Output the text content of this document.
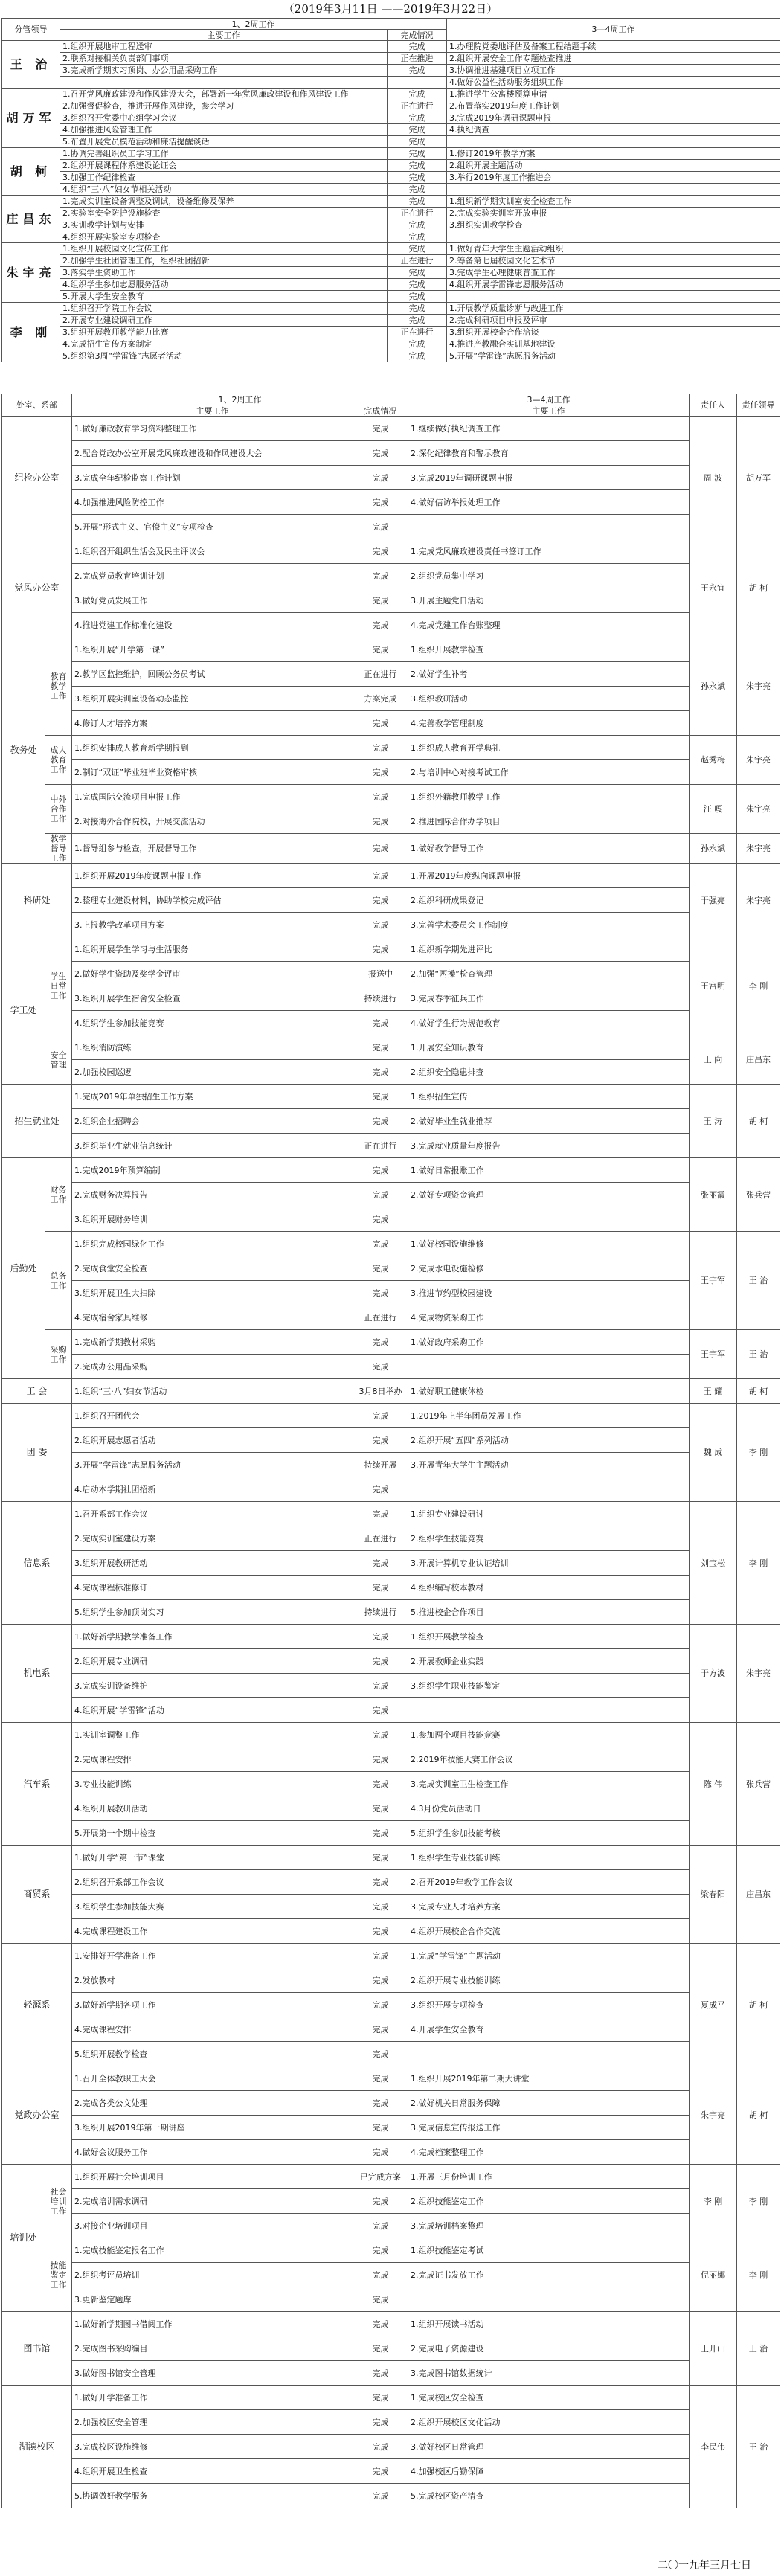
（2019年3月11日 ——2019年3月22日）
分管领导	1、2周工作		3—4周工作
	主要工作	完成情况	
王 治	1.组织开展地审工程送审	完成	1.办理院党委地评估及备案工程结题手续
	2.联系对接相关负责部门事项	正在推进	2.组织开展安全工作专题检查推进
	3.完成新学期实习顶岗、办公用品采购工作	完成	3.协调推进基建项目立项工作
			4.做好公益性活动服务组织工作
胡万军	1.召开党风廉政建设和作风建设大会，部署新一年党风廉政建设和作风建设工作	完成	1.推进学生公寓楼预算申请
	2.加强督促检查，推进开展作风建设，参会学习	正在进行	2.布置落实2019年度工作计划
	3.组织召开党委中心组学习会议	完成	3.完成2019年调研课题申报
	4.加强推进风险管理工作	完成	4.执纪调查
	5.布置开展党员模范活动和廉洁提醒谈话	完成	
胡 柯	1.协调完善组织员工学习工作	完成	1.修订2019年教学方案
	2.组织开展课程体系建设论证会	完成	2.组织开展主题活动
	3.加强工作纪律检查	完成	3.举行2019年度工作推进会
	4.组织“三·八”妇女节相关活动	完成	
庄昌东	1.完成实训室设备调整及调试，设备维修及保养	完成	1.组织新学期实训室安全检查工作
	2.实验室安全防护设施检查	正在进行	2.完成实验实训室开放申报
	3.实训教学计划与安排	完成	3.组织实训教学检查
	4.组织开展实验室专项检查	完成	
朱宇亮	1.组织开展校园文化宣传工作	完成	1.做好青年大学生主题活动组织
	2.加强学生社团管理工作，组织社团招新	正在进行	2.筹备第七届校园文化艺术节
	3.落实学生资助工作	完成	3.完成学生心理健康普查工作
	4.组织学生参加志愿服务活动	完成	4.组织开展学雷锋志愿服务活动
	5.开展大学生安全教育	完成	
李 刚	1.组织召开学院工作会议	完成	1.开展教学质量诊断与改进工作
	2.开展专业建设调研工作	完成	2.完成科研项目申报及评审
	3.组织开展教师教学能力比赛	正在进行	3.组织开展校企合作洽谈
	4.完成招生宣传方案制定	完成	4.推进产教融合实训基地建设
	5.组织第3周“学雷锋”志愿者活动	完成	5.开展“学雷锋”志愿服务活动
处室、系部		1、2周工作		3—4周工作	责任人	责任领导
		主要工作	完成情况	主要工作		
纪检办公室		1.做好廉政教育学习资料整理工作	完成	1.继续做好执纪调查工作	周 波	胡万军
		2.配合党政办公室开展党风廉政建设和作风建设大会	完成	2.深化纪律教育和警示教育		
		3.完成全年纪检监察工作计划	完成	3.完成2019年调研课题申报		
		4.加强推进风险防控工作	完成	4.做好信访举报处理工作		
		5.开展“形式主义、官僚主义”专项检查	完成			
党风办公室		1.组织召开组织生活会及民主评议会	完成	1.完成党风廉政建设责任书签订工作	王永宜	胡 柯
		2.完成党员教育培训计划	完成	2.组织党员集中学习		
		3.做好党员发展工作	完成	3.开展主题党日活动		
		4.推进党建工作标准化建设	完成	4.完成党建工作台账整理		
教务处	教育教学工作	1.组织开展“开学第一课”	完成	1.组织开展教学检查	孙永斌	朱宇亮
		2.教学区监控维护，回顾公务员考试	正在进行	2.做好学生补考		
		3.组织开展实训室设备动态监控	方案完成	3.组织教研活动		
		4.修订人才培养方案	完成	4.完善教学管理制度		
	成人教育工作	1.组织安排成人教育新学期报到	完成	1.组织成人教育开学典礼	赵秀梅	朱宇亮
		2.制订“双证”毕业班毕业资格审核	完成	2.与培训中心对接考试工作		
	中外合作工作	1.完成国际交流项目申报工作	完成	1.组织外籍教师教学工作	汪 嘎	朱宇亮
		2.对接海外合作院校，开展交流活动	完成	2.推进国际合作办学项目		
	教学督导工作	1.督导组参与检查，开展督导工作	完成	1.做好教学督导工作	孙永斌	朱宇亮
科研处		1.组织开展2019年度课题申报工作	完成	1.开展2019年度纵向课题申报	于强亮	朱宇亮
		2.整理专业建设材料，协助学校完成评估	完成	2.组织科研成果登记		
		3.上报教学改革项目方案	完成	3.完善学术委员会工作制度		
学工处	学生日常工作	1.组织开展学生学习与生活服务	完成	1.组织新学期先进评比	王宫明	李 刚
		2.做好学生资助及奖学金评审	报送中	2.加强“两操”检查管理		
		3.组织开展学生宿舍安全检查	持续进行	3.完成春季征兵工作		
		4.组织学生参加技能竞赛	完成	4.做好学生行为规范教育		
	安全管理	1.组织消防演练	完成	1.开展安全知识教育	王 向	庄昌东
		2.加强校园巡逻	完成	2.组织安全隐患排查		
招生就业处		1.完成2019年单独招生工作方案	完成	1.组织招生宣传	王 涛	胡 柯
		2.组织企业招聘会	完成	2.做好毕业生就业推荐		
		3.组织毕业生就业信息统计	正在进行	3.完成就业质量年度报告		
后勤处	财务工作	1.完成2019年预算编制	完成	1.做好日常报账工作	张丽霞	张兵营
		2.完成财务决算报告	完成	2.做好专项资金管理		
		3.组织开展财务培训	完成			
	总务工作	1.组织完成校园绿化工作	完成	1.做好校园设施维修	王宇军	王 治
		2.完成食堂安全检查	完成	2.完成水电设施检修		
		3.组织开展卫生大扫除	完成	3.推进节约型校园建设		
		4.完成宿舍家具维修	正在进行	4.完成物资采购工作		
	采购工作	1.完成新学期教材采购	完成	1.做好政府采购工作	王宇军	王 治
		2.完成办公用品采购	完成			
工 会		1.组织“三·八”妇女节活动	3月8日举办	1.做好职工健康体检	王 耀	胡 柯
团 委		1.组织召开团代会	完成	1.2019年上半年团员发展工作	魏 成	李 刚
		2.组织开展志愿者活动	完成	2.组织开展“五四”系列活动		
		3.开展“学雷锋”志愿服务活动	持续开展	3.开展青年大学生主题活动		
		4.启动本学期社团招新	完成			
信息系		1.召开系部工作会议	完成	1.组织专业建设研讨	刘宝松	李 刚
		2.完成实训室建设方案	正在进行	2.组织学生技能竞赛		
		3.组织开展教研活动	完成	3.开展计算机专业认证培训		
		4.完成课程标准修订	完成	4.组织编写校本教材		
		5.组织学生参加顶岗实习	持续进行	5.推进校企合作项目		
机电系		1.做好新学期教学准备工作	完成	1.组织开展教学检查	于方波	朱宇亮
		2.组织开展专业调研	完成	2.开展教师企业实践		
		3.完成实训设备维护	完成	3.组织学生职业技能鉴定		
		4.组织开展“学雷锋”活动	完成			
汽车系		1.实训室调整工作	完成	1.参加两个项目技能竞赛	陈 伟	张兵营
		2.完成课程安排	完成	2.2019年技能大赛工作会议		
		3.专业技能训练	完成	3.完成实训室卫生检查工作		
		4.组织开展教研活动	完成	4.3月份党员活动日		
		5.开展第一个期中检查	完成	5.组织学生参加技能考核		
商贸系		1.做好开学“第一节”课堂	完成	1.组织学生专业技能训练	梁春阳	庄昌东
		2.组织召开系部工作会议	完成	2.召开2019年教学工作会议		
		3.组织学生参加技能大赛	完成	3.完成专业人才培养方案		
		4.完成课程建设工作	完成	4.组织开展校企合作交流		
轻源系		1.安排好开学准备工作	完成	1.完成“学雷锋”主题活动	夏成平	胡 柯
		2.发放教材	完成	2.组织开展专业技能训练		
		3.做好新学期各项工作	完成	3.组织开展专项检查		
		4.完成课程安排	完成	4.开展学生安全教育		
		5.组织开展教学检查	完成			
党政办公室		1.召开全体教职工大会	完成	1.组织开展2019年第二期大讲堂	朱宇亮	胡 柯
		2.完成各类公文处理	完成	2.做好机关日常服务保障		
		3.组织开展2019年第一期讲座	完成	3.完成信息宣传报送工作		
		4.做好会议服务工作	完成	4.完成档案整理工作		
培训处	社会培训工作	1.组织开展社会培训项目	已完成方案	1.开展三月份培训工作	李 刚	李 刚
		2.完成培训需求调研	完成	2.组织技能鉴定工作		
		3.对接企业培训项目	完成	3.完成培训档案整理		
	技能鉴定工作	1.完成技能鉴定报名工作	完成	1.组织技能鉴定考试	侃丽娜	李 刚
		2.组织考评员培训	完成	2.完成证书发放工作		
		3.更新鉴定题库	完成			
图书馆		1.做好新学期图书借阅工作	完成	1.组织开展读书活动	王开山	王 治
		2.完成图书采购编目	完成	2.完成电子资源建设		
		3.做好图书馆安全管理	完成	3.完成图书馆数据统计		
湖滨校区		1.做好开学准备工作	完成	1.完成校区安全检查	李民伟	王 治
		2.加强校区安全管理	完成	2.组织开展校区文化活动		
		3.完成校区设施维修	完成	3.做好校区日常管理		
		4.组织开展卫生检查	完成	4.加强校区后勤保障		
		5.协调做好教学服务	完成	5.完成校区资产清查		
二〇一九年三月七日
